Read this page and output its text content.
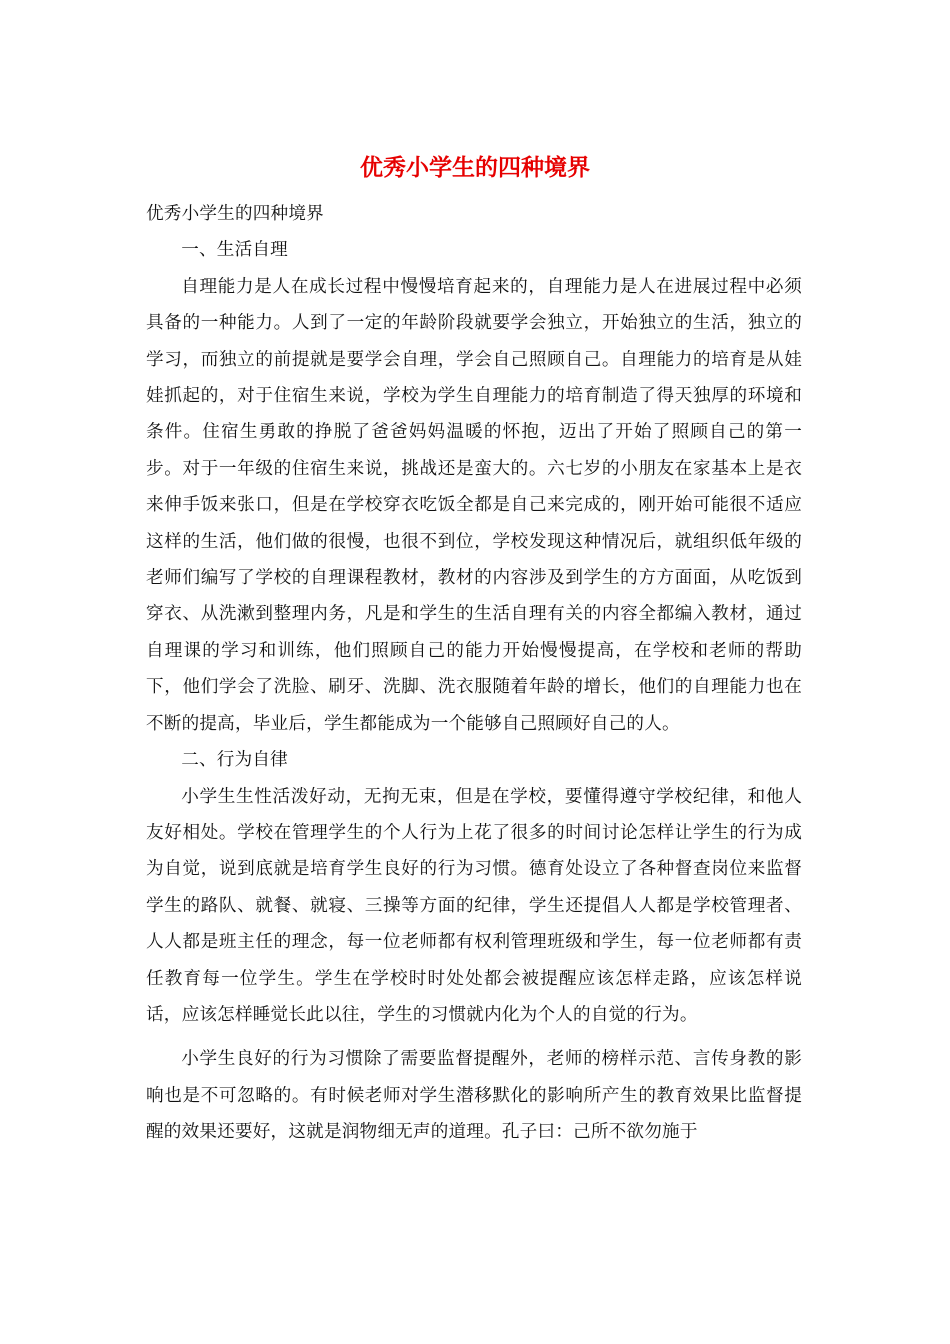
优秀小学生的四种境界

优秀小学生的四种境界

一、生活自理

自理能力是人在成长过程中慢慢培育起来的，自理能力是人在进展过程中必须具备的一种能力。人到了一定的年龄阶段就要学会独立，开始独立的生活，独立的学习，而独立的前提就是要学会自理，学会自己照顾自己。自理能力的培育是从娃娃抓起的，对于住宿生来说，学校为学生自理能力的培育制造了得天独厚的环境和条件。住宿生勇敢的挣脱了爸爸妈妈温暖的怀抱，迈出了开始了照顾自己的第一步。对于一年级的住宿生来说，挑战还是蛮大的。六七岁的小朋友在家基本上是衣来伸手饭来张口，但是在学校穿衣吃饭全都是自己来完成的，刚开始可能很不适应这样的生活，他们做的很慢，也很不到位，学校发现这种情况后，就组织低年级的老师们编写了学校的自理课程教材，教材的内容涉及到学生的方方面面，从吃饭到穿衣、从洗漱到整理内务，凡是和学生的生活自理有关的内容全都编入教材，通过自理课的学习和训练，他们照顾自己的能力开始慢慢提高，在学校和老师的帮助下，他们学会了洗脸、刷牙、洗脚、洗衣服随着年龄的增长，他们的自理能力也在不断的提高，毕业后，学生都能成为一个能够自己照顾好自己的人。

二、行为自律

小学生生性活泼好动，无拘无束，但是在学校，要懂得遵守学校纪律，和他人友好相处。学校在管理学生的个人行为上花了很多的时间讨论怎样让学生的行为成为自觉，说到底就是培育学生良好的行为习惯。德育处设立了各种督查岗位来监督学生的路队、就餐、就寝、三操等方面的纪律，学生还提倡人人都是学校管理者、人人都是班主任的理念，每一位老师都有权利管理班级和学生，每一位老师都有责任教育每一位学生。学生在学校时时处处都会被提醒应该怎样走路，应该怎样说话，应该怎样睡觉长此以往，学生的习惯就内化为个人的自觉的行为。

小学生良好的行为习惯除了需要监督提醒外，老师的榜样示范、言传身教的影响也是不可忽略的。有时候老师对学生潜移默化的影响所产生的教育效果比监督提醒的效果还要好，这就是润物细无声的道理。孔子曰：己所不欲勿施于
